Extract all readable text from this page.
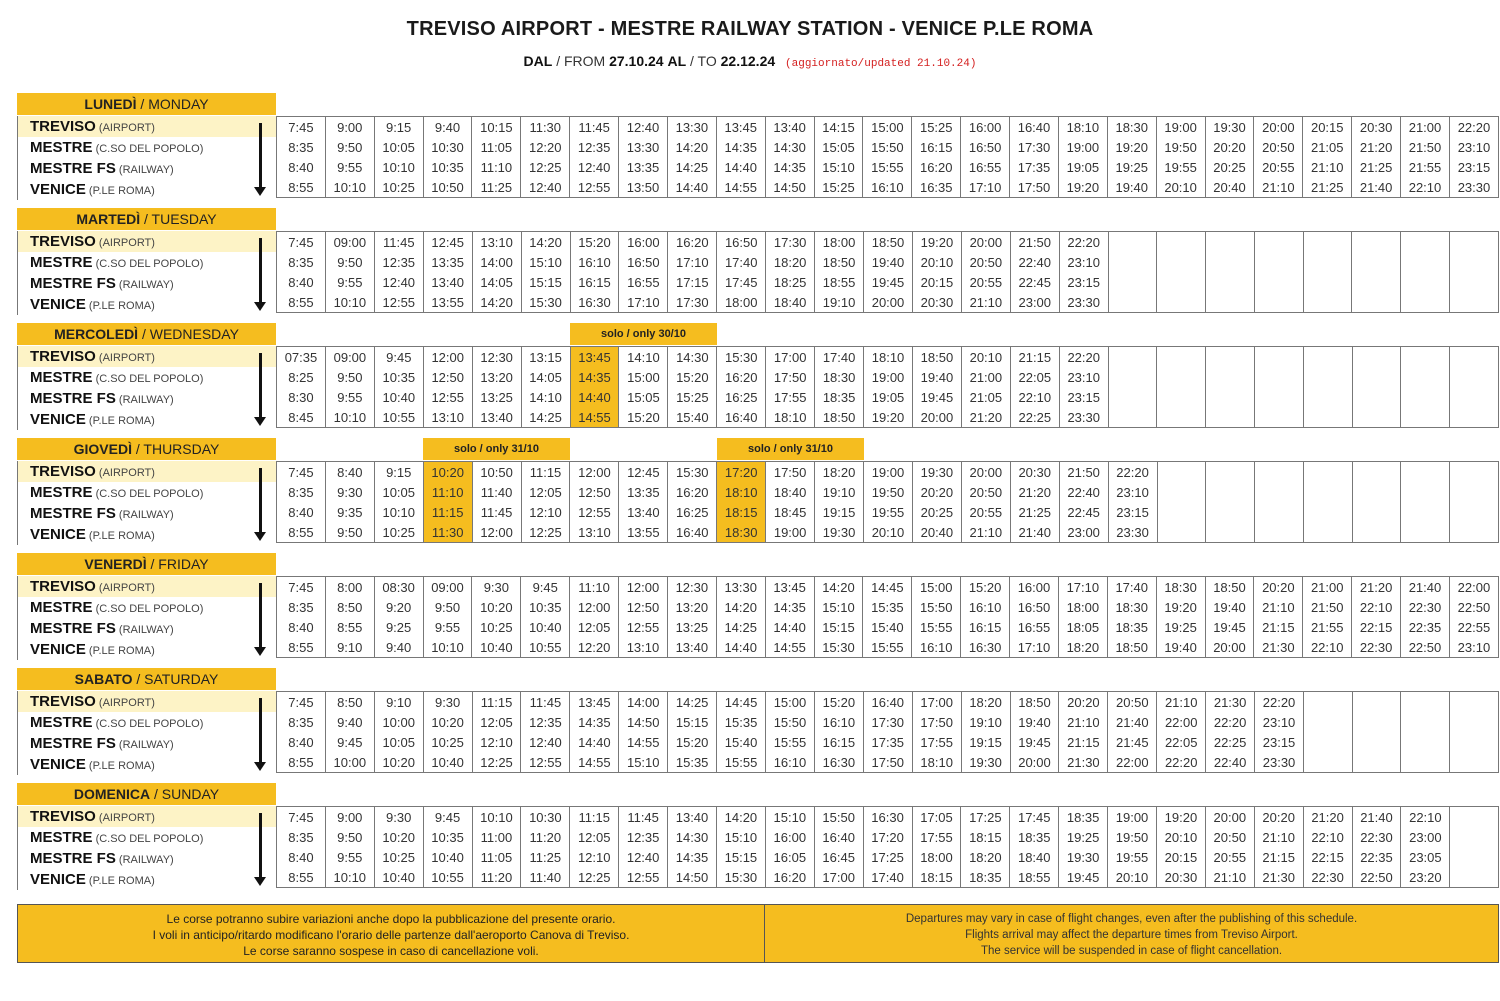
TREVISO AIRPORT - MESTRE RAILWAY STATION - VENICE P.LE ROMA
DAL / FROM 27.10.24 AL / TO 22.12.24 (aggiornato/updated 21.10.24)
LUNEDÌ / MONDAY
TREVISO (AIRPORT)
MESTRE (C.SO DEL POPOLO)
MESTRE FS (RAILWAY)
VENICE (P.LE ROMA)
7:45	9:00	9:15	9:40	10:15	11:30	11:45	12:40	13:30	13:45	13:40	14:15	15:00	15:25	16:00	16:40	18:10	18:30	19:00	19:30	20:00	20:15	20:30	21:00	22:20
8:35	9:50	10:05	10:30	11:05	12:20	12:35	13:30	14:20	14:35	14:30	15:05	15:50	16:15	16:50	17:30	19:00	19:20	19:50	20:20	20:50	21:05	21:20	21:50	23:10
8:40	9:55	10:10	10:35	11:10	12:25	12:40	13:35	14:25	14:40	14:35	15:10	15:55	16:20	16:55	17:35	19:05	19:25	19:55	20:25	20:55	21:10	21:25	21:55	23:15
8:55	10:10	10:25	10:50	11:25	12:40	12:55	13:50	14:40	14:55	14:50	15:25	16:10	16:35	17:10	17:50	19:20	19:40	20:10	20:40	21:10	21:25	21:40	22:10	23:30
MARTEDÌ / TUESDAY
TREVISO (AIRPORT)
MESTRE (C.SO DEL POPOLO)
MESTRE FS (RAILWAY)
VENICE (P.LE ROMA)
7:45	09:00	11:45	12:45	13:10	14:20	15:20	16:00	16:20	16:50	17:30	18:00	18:50	19:20	20:00	21:50	22:20								
8:35	9:50	12:35	13:35	14:00	15:10	16:10	16:50	17:10	17:40	18:20	18:50	19:40	20:10	20:50	22:40	23:10								
8:40	9:55	12:40	13:40	14:05	15:15	16:15	16:55	17:15	17:45	18:25	18:55	19:45	20:15	20:55	22:45	23:15								
8:55	10:10	12:55	13:55	14:20	15:30	16:30	17:10	17:30	18:00	18:40	19:10	20:00	20:30	21:10	23:00	23:30								
MERCOLEDÌ / WEDNESDAY	solo / only 30/10
TREVISO (AIRPORT)
MESTRE (C.SO DEL POPOLO)
MESTRE FS (RAILWAY)
VENICE (P.LE ROMA)
07:35	09:00	9:45	12:00	12:30	13:15	13:45	14:10	14:30	15:30	17:00	17:40	18:10	18:50	20:10	21:15	22:20								
8:25	9:50	10:35	12:50	13:20	14:05	14:35	15:00	15:20	16:20	17:50	18:30	19:00	19:40	21:00	22:05	23:10								
8:30	9:55	10:40	12:55	13:25	14:10	14:40	15:05	15:25	16:25	17:55	18:35	19:05	19:45	21:05	22:10	23:15								
8:45	10:10	10:55	13:10	13:40	14:25	14:55	15:20	15:40	16:40	18:10	18:50	19:20	20:00	21:20	22:25	23:30								
GIOVEDÌ / THURSDAY	solo / only 31/10	solo / only 31/10
TREVISO (AIRPORT)
MESTRE (C.SO DEL POPOLO)
MESTRE FS (RAILWAY)
VENICE (P.LE ROMA)
7:45	8:40	9:15	10:20	10:50	11:15	12:00	12:45	15:30	17:20	17:50	18:20	19:00	19:30	20:00	20:30	21:50	22:20							
8:35	9:30	10:05	11:10	11:40	12:05	12:50	13:35	16:20	18:10	18:40	19:10	19:50	20:20	20:50	21:20	22:40	23:10							
8:40	9:35	10:10	11:15	11:45	12:10	12:55	13:40	16:25	18:15	18:45	19:15	19:55	20:25	20:55	21:25	22:45	23:15							
8:55	9:50	10:25	11:30	12:00	12:25	13:10	13:55	16:40	18:30	19:00	19:30	20:10	20:40	21:10	21:40	23:00	23:30							
VENERDÌ / FRIDAY
TREVISO (AIRPORT)
MESTRE (C.SO DEL POPOLO)
MESTRE FS (RAILWAY)
VENICE (P.LE ROMA)
7:45	8:00	08:30	09:00	9:30	9:45	11:10	12:00	12:30	13:30	13:45	14:20	14:45	15:00	15:20	16:00	17:10	17:40	18:30	18:50	20:20	21:00	21:20	21:40	22:00
8:35	8:50	9:20	9:50	10:20	10:35	12:00	12:50	13:20	14:20	14:35	15:10	15:35	15:50	16:10	16:50	18:00	18:30	19:20	19:40	21:10	21:50	22:10	22:30	22:50
8:40	8:55	9:25	9:55	10:25	10:40	12:05	12:55	13:25	14:25	14:40	15:15	15:40	15:55	16:15	16:55	18:05	18:35	19:25	19:45	21:15	21:55	22:15	22:35	22:55
8:55	9:10	9:40	10:10	10:40	10:55	12:20	13:10	13:40	14:40	14:55	15:30	15:55	16:10	16:30	17:10	18:20	18:50	19:40	20:00	21:30	22:10	22:30	22:50	23:10
SABATO / SATURDAY
TREVISO (AIRPORT)
MESTRE (C.SO DEL POPOLO)
MESTRE FS (RAILWAY)
VENICE (P.LE ROMA)
7:45	8:50	9:10	9:30	11:15	11:45	13:45	14:00	14:25	14:45	15:00	15:20	16:40	17:00	18:20	18:50	20:20	20:50	21:10	21:30	22:20				
8:35	9:40	10:00	10:20	12:05	12:35	14:35	14:50	15:15	15:35	15:50	16:10	17:30	17:50	19:10	19:40	21:10	21:40	22:00	22:20	23:10				
8:40	9:45	10:05	10:25	12:10	12:40	14:40	14:55	15:20	15:40	15:55	16:15	17:35	17:55	19:15	19:45	21:15	21:45	22:05	22:25	23:15				
8:55	10:00	10:20	10:40	12:25	12:55	14:55	15:10	15:35	15:55	16:10	16:30	17:50	18:10	19:30	20:00	21:30	22:00	22:20	22:40	23:30				
DOMENICA / SUNDAY
TREVISO (AIRPORT)
MESTRE (C.SO DEL POPOLO)
MESTRE FS (RAILWAY)
VENICE (P.LE ROMA)
7:45	9:00	9:30	9:45	10:10	10:30	11:15	11:45	13:40	14:20	15:10	15:50	16:30	17:05	17:25	17:45	18:35	19:00	19:20	20:00	20:20	21:20	21:40	22:10	
8:35	9:50	10:20	10:35	11:00	11:20	12:05	12:35	14:30	15:10	16:00	16:40	17:20	17:55	18:15	18:35	19:25	19:50	20:10	20:50	21:10	22:10	22:30	23:00	
8:40	9:55	10:25	10:40	11:05	11:25	12:10	12:40	14:35	15:15	16:05	16:45	17:25	18:00	18:20	18:40	19:30	19:55	20:15	20:55	21:15	22:15	22:35	23:05	
8:55	10:10	10:40	10:55	11:20	11:40	12:25	12:55	14:50	15:30	16:20	17:00	17:40	18:15	18:35	18:55	19:45	20:10	20:30	21:10	21:30	22:30	22:50	23:20	
Le corse potranno subire variazioni anche dopo la pubblicazione del presente orario.
I voli in anticipo/ritardo modificano l'orario delle partenze dall'aeroporto Canova di Treviso.
Le corse saranno sospese in caso di cancellazione voli.
Departures may vary in case of flight changes, even after the publishing of this schedule.
Flights arrival may affect the departure times from Treviso Airport.
The service will be suspended in case of flight cancellation.
